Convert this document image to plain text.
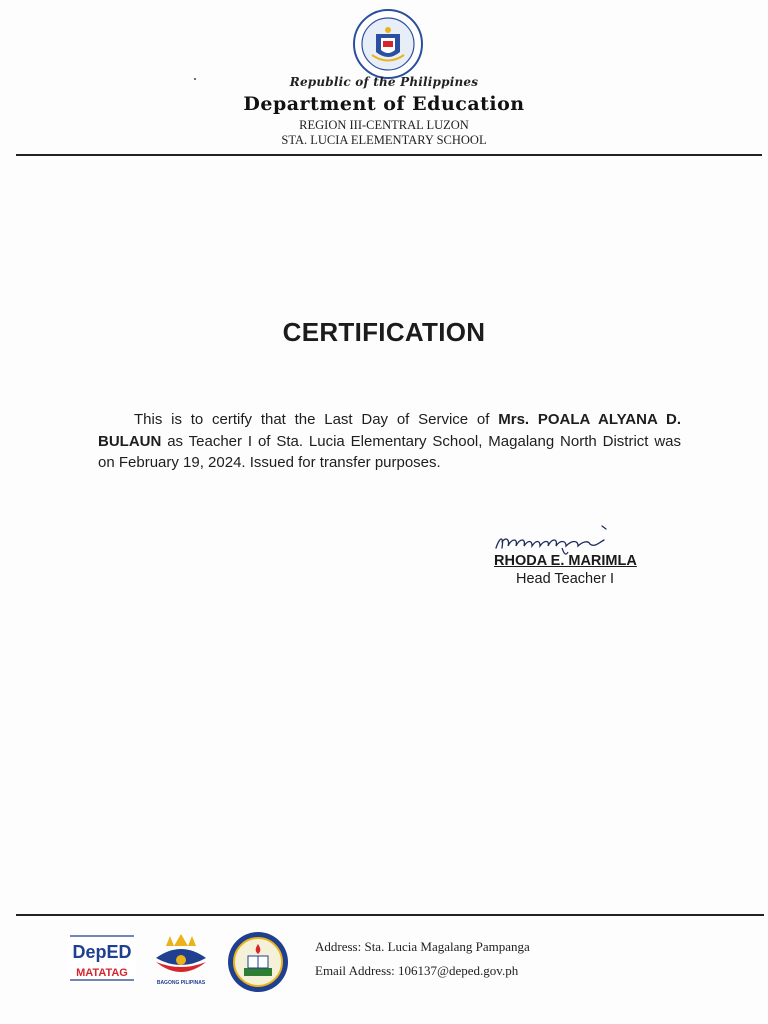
Republic of the Philippines
Department of Education
REGION III-CENTRAL LUZON
STA. LUCIA ELEMENTARY SCHOOL
CERTIFICATION
This is to certify that the Last Day of Service of Mrs. POALA ALYANA D. BULAUN as Teacher I of Sta. Lucia Elementary School, Magalang North District was on February 19, 2024. Issued for transfer purposes.
RHODA E. MARIMLA
Head Teacher I
DepED
MATATAG
BAGONG PILIPINAS
Address: Sta. Lucia Magalang Pampanga
Email Address: 106137@deped.gov.ph
